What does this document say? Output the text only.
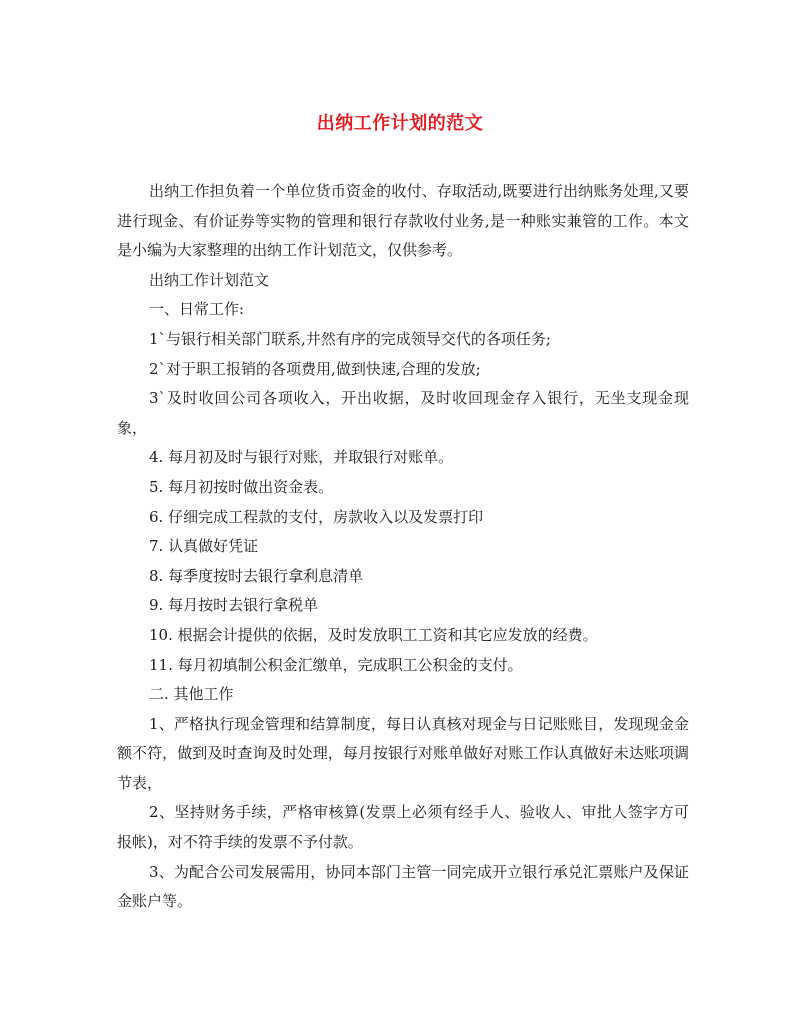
出纳工作计划的范文

出纳工作担负着一个单位货币资金的收付、存取活动,既要进行出纳账务处理,又要进行现金、有价证券等实物的管理和银行存款收付业务,是一种账实兼管的工作。本文是小编为大家整理的出纳工作计划范文，仅供参考。

出纳工作计划范文

一、日常工作:

1`与银行相关部门联系,井然有序的完成领导交代的各项任务;

2`对于职工报销的各项费用,做到快速,合理的发放;

3`及时收回公司各项收入，开出收据，及时收回现金存入银行，无坐支现金现象，

4. 每月初及时与银行对账，并取银行对账单。

5. 每月初按时做出资金表。

6. 仔细完成工程款的支付，房款收入以及发票打印

7. 认真做好凭证

8. 每季度按时去银行拿利息清单

9. 每月按时去银行拿税单

10. 根据会计提供的依据，及时发放职工工资和其它应发放的经费。

11. 每月初填制公积金汇缴单，完成职工公积金的支付。

二. 其他工作

1、严格执行现金管理和结算制度，每日认真核对现金与日记账账目，发现现金金额不符，做到及时查询及时处理，每月按银行对账单做好对账工作认真做好未达账项调节表，

2、坚持财务手续，严格审核算(发票上必须有经手人、验收人、审批人签字方可报帐)，对不符手续的发票不予付款。

3、为配合公司发展需用，协同本部门主管一同完成开立银行承兑汇票账户及保证金账户等。
